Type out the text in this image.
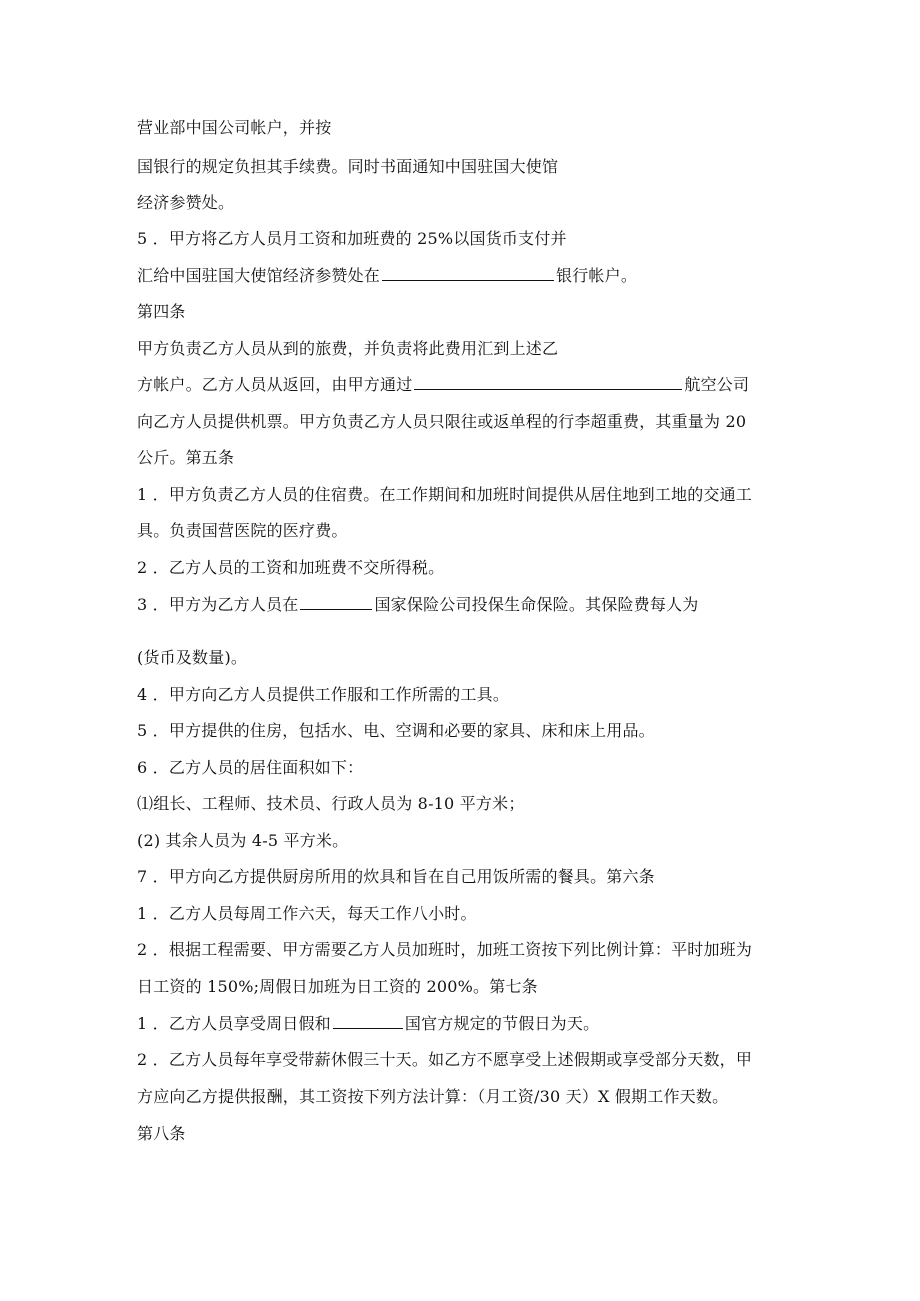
营业部中国公司帐户，并按
国银行的规定负担其手续费。同时书面通知中国驻国大使馆
经济参赞处。
5 ．甲方将乙方人员月工资和加班费的 25%以国货币支付并
汇给中国驻国大使馆经济参赞处在	银行帐户。
第四条
甲方负责乙方人员从到的旅费，并负责将此费用汇到上述乙
方帐户。乙方人员从返回，由甲方通过	航空公司
向乙方人员提供机票。甲方负责乙方人员只限往或返单程的行李超重费，其重量为 20
公斤。第五条
1 ．甲方负责乙方人员的住宿费。在工作期间和加班时间提供从居住地到工地的交通工
具。负责国营医院的医疗费。
2 ．乙方人员的工资和加班费不交所得税。
3 ．甲方为乙方人员在	国家保险公司投保生命保险。其保险费每人为
(货币及数量)。
4 ．甲方向乙方人员提供工作服和工作所需的工具。
5 ．甲方提供的住房，包括水、电、空调和必要的家具、床和床上用品。
6 ．乙方人员的居住面积如下：
⑴组长、工程师、技术员、行政人员为 8-10 平方米；
(2) 其余人员为 4-5 平方米。
7 ．甲方向乙方提供厨房所用的炊具和旨在自己用饭所需的餐具。第六条
1 ．乙方人员每周工作六天，每天工作八小时。
2 ．根据工程需要、甲方需要乙方人员加班时，加班工资按下列比例计算：平时加班为
日工资的 150%;周假日加班为日工资的 200%。第七条
1 ．乙方人员享受周日假和	国官方规定的节假日为天。
2 ．乙方人员每年享受带薪休假三十天。如乙方不愿享受上述假期或享受部分天数，甲
方应向乙方提供报酬，其工资按下列方法计算：（月工资/30 天）X 假期工作天数。
第八条
